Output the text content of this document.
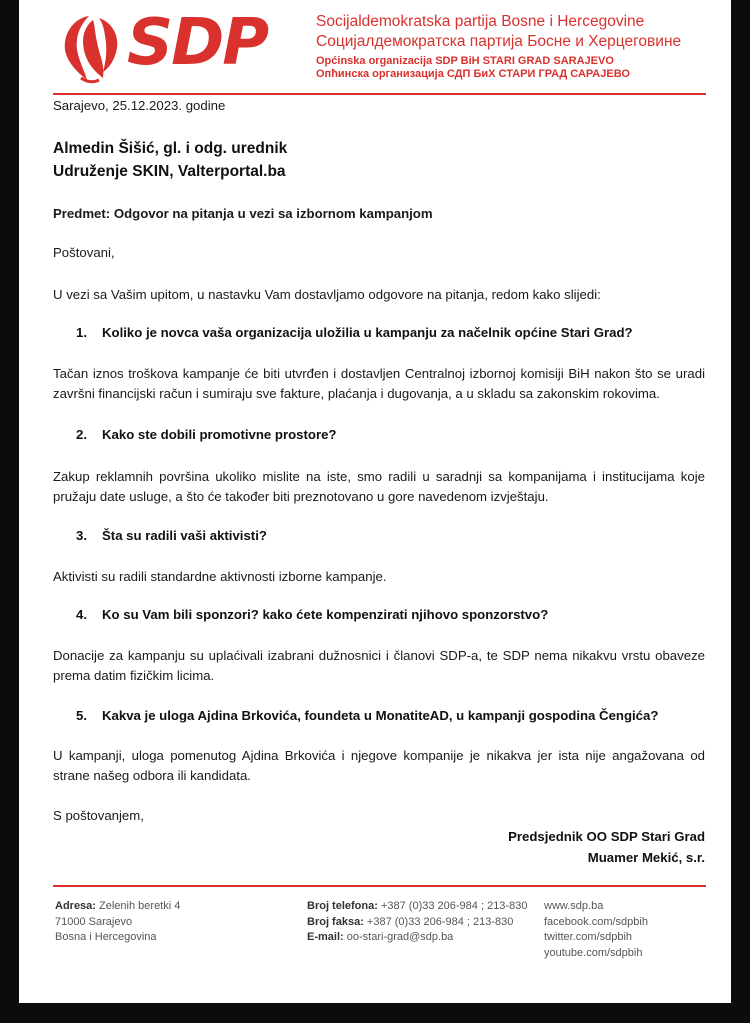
SDP	Socijaldemokratska partija Bosne i Hercegovine
Социјалдемократска партија Босне и Херцеговине
Općinska organizacija SDP BiH STARI GRAD SARAJEVO
Опћинска организација СДП БиХ СТАРИ ГРАД САРАЈЕВО
Sarajevo, 25.12.2023. godine
Almedin Šišić, gl. i odg. urednik
Udruženje SKIN, Valterportal.ba
Predmet: Odgovor na pitanja u vezi sa izbornom kampanjom
Poštovani,
U vezi sa Vašim upitom, u nastavku Vam dostavljamo odgovore na pitanja, redom kako slijedi:
1. Koliko je novca vaša organizacija uložilia u kampanju za načelnik općine Stari Grad?
Tačan iznos troškova kampanje će biti utvrđen i dostavljen Centralnoj izbornoj komisiji BiH nakon što se uradi završni financijski račun i sumiraju sve fakture, plaćanja i dugovanja, a u skladu sa zakonskim rokovima.
2. Kako ste dobili promotivne prostore?
Zakup reklamnih površina ukoliko mislite na iste, smo radili u saradnji sa kompanijama i institucijama koje pružaju date usluge, a što će također biti preznotovano u gore navedenom izvještaju.
3. Šta su radili vaši aktivisti?
Aktivisti su radili standardne aktivnosti izborne kampanje.
4. Ko su Vam bili sponzori? kako ćete kompenzirati njihovo sponzorstvo?
Donacije za kampanju su uplaćivali izabrani dužnosnici i članovi SDP-a, te SDP nema nikakvu vrstu obaveze prema datim fizičkim licima.
5. Kakva je uloga Ajdina Brkovića, foundeta u MonatiteAD, u kampanji gospodina Čengića?
U kampanji, uloga pomenutog Ajdina Brkovića i njegove kompanije je nikakva jer ista nije angažovana od strane našeg odbora ili kandidata.
S poštovanjem,
Predsjednik OO SDP Stari Grad
Muamer Mekić, s.r.
Adresa: Zelenih beretki 4
71000 Sarajevo
Bosna i Hercegovina
Broj telefona: +387 (0)33 206-984 ; 213-830
Broj faksa: +387 (0)33 206-984 ; 213-830
E-mail: oo-stari-grad@sdp.ba
www.sdp.ba
facebook.com/sdpbih
twitter.com/sdpbih
youtube.com/sdpbih
